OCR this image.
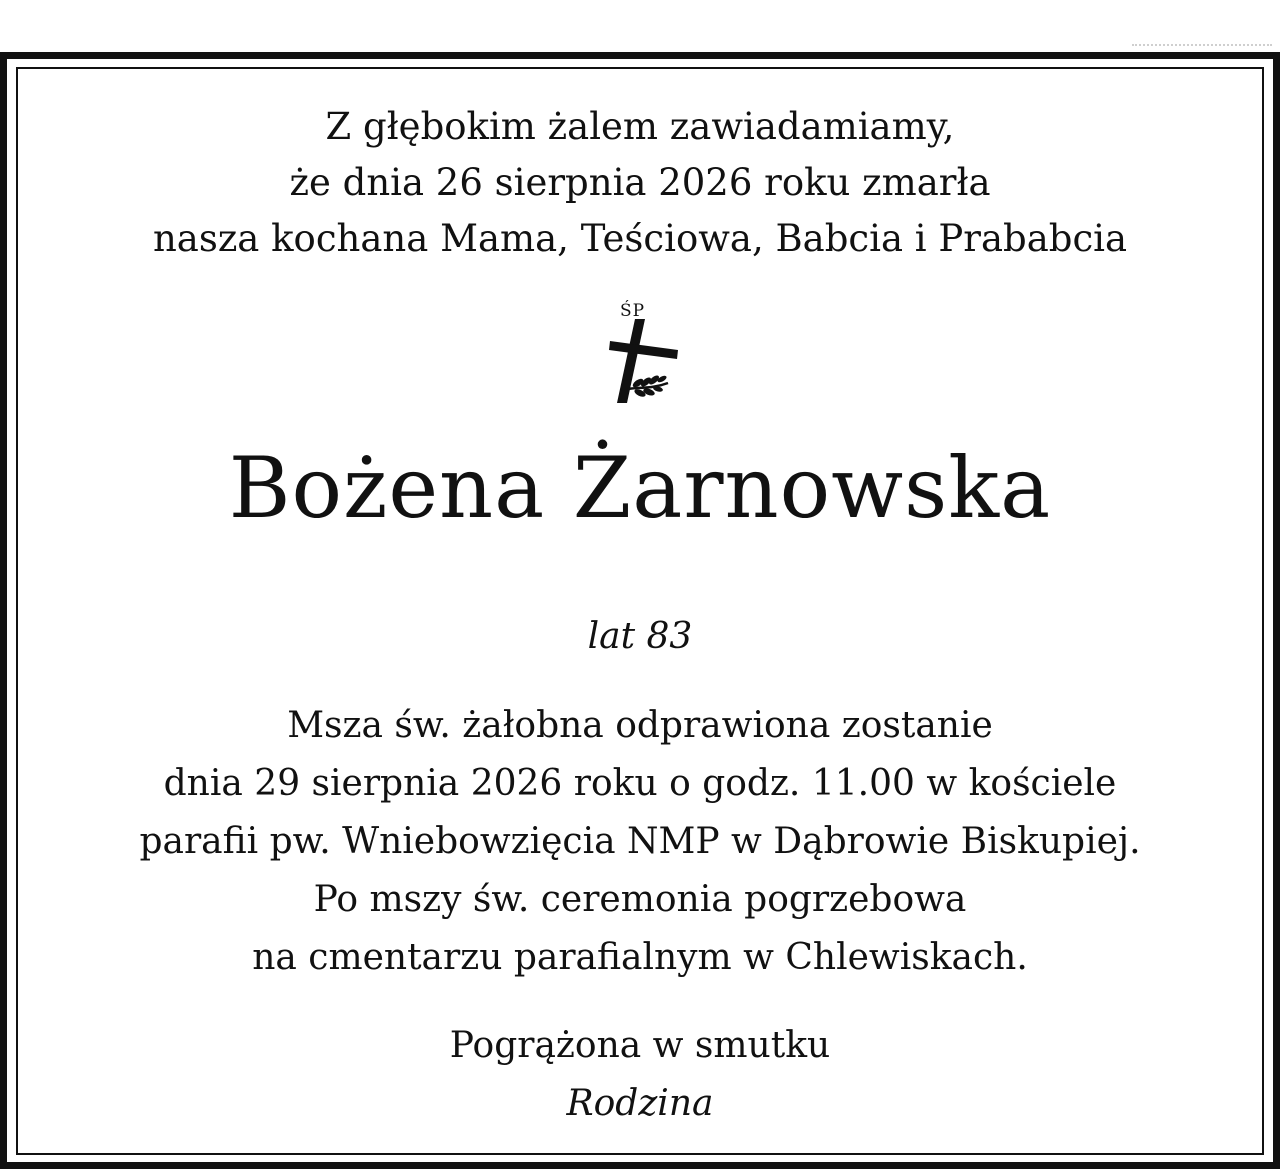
Z głębokim żalem zawiadamiamy,
że dnia 26 sierpnia 2026 roku zmarła
nasza kochana Mama, Teściowa, Babcia i Prababcia
ŚP
Bożena Żarnowska
lat 83
Msza św. żałobna odprawiona zostanie
dnia 29 sierpnia 2026 roku o godz. 11.00 w kościele
parafii pw. Wniebowzięcia NMP w Dąbrowie Biskupiej.
Po mszy św. ceremonia pogrzebowa
na cmentarzu parafialnym w Chlewiskach.
Pogrążona w smutku
Rodzina
